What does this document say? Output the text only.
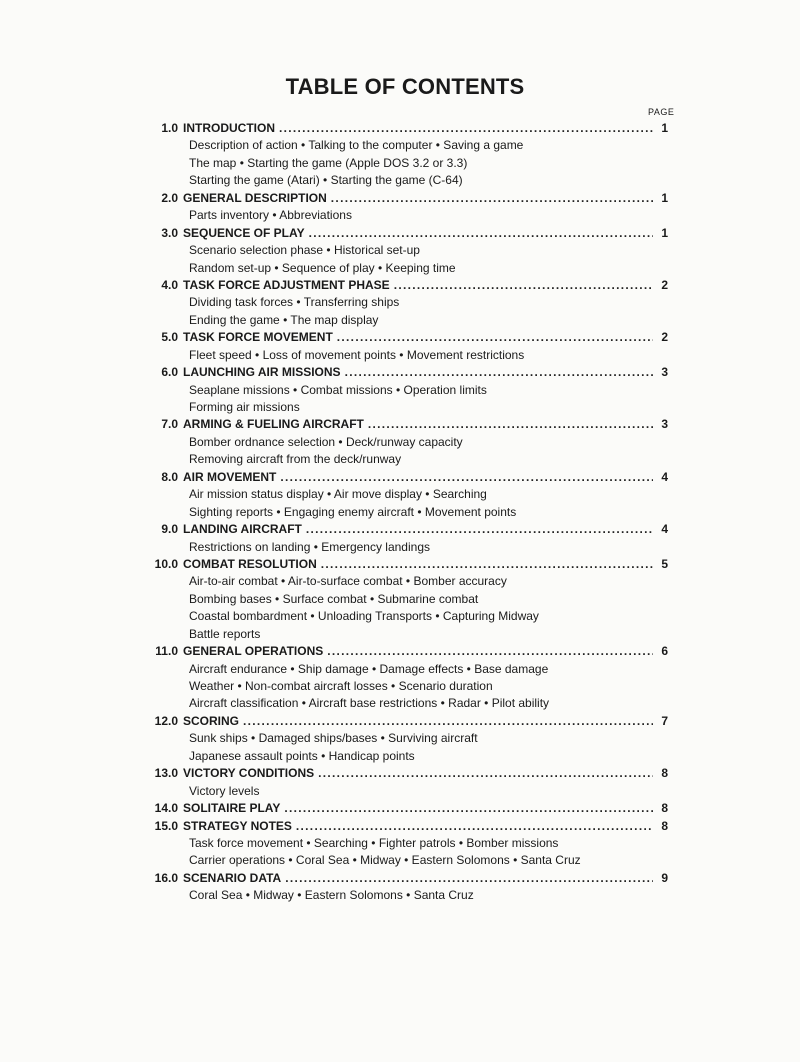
TABLE OF CONTENTS
PAGE
1.0 INTRODUCTION .....	1
Description of action • Talking to the computer • Saving a game
The map • Starting the game (Apple DOS 3.2 or 3.3)
Starting the game (Atari) • Starting the game (C-64)
2.0 GENERAL DESCRIPTION .....	1
Parts inventory • Abbreviations
3.0 SEQUENCE OF PLAY .....	1
Scenario selection phase • Historical set-up
Random set-up • Sequence of play • Keeping time
4.0 TASK FORCE ADJUSTMENT PHASE .....	2
Dividing task forces • Transferring ships
Ending the game • The map display
5.0 TASK FORCE MOVEMENT .....	2
Fleet speed • Loss of movement points • Movement restrictions
6.0 LAUNCHING AIR MISSIONS .....	3
Seaplane missions • Combat missions • Operation limits
Forming air missions
7.0 ARMING & FUELING AIRCRAFT .....	3
Bomber ordnance selection • Deck/runway capacity
Removing aircraft from the deck/runway
8.0 AIR MOVEMENT .....	4
Air mission status display • Air move display • Searching
Sighting reports • Engaging enemy aircraft • Movement points
9.0 LANDING AIRCRAFT .....	4
Restrictions on landing • Emergency landings
10.0 COMBAT RESOLUTION .....	5
Air-to-air combat • Air-to-surface combat • Bomber accuracy
Bombing bases • Surface combat • Submarine combat
Coastal bombardment • Unloading Transports • Capturing Midway
Battle reports
11.0 GENERAL OPERATIONS .....	6
Aircraft endurance • Ship damage • Damage effects • Base damage
Weather • Non-combat aircraft losses • Scenario duration
Aircraft classification • Aircraft base restrictions • Radar • Pilot ability
12.0 SCORING .....	7
Sunk ships • Damaged ships/bases • Surviving aircraft
Japanese assault points • Handicap points
13.0 VICTORY CONDITIONS .....	8
Victory levels
14.0 SOLITAIRE PLAY .....	8
15.0 STRATEGY NOTES .....	8
Task force movement • Searching • Fighter patrols • Bomber missions
Carrier operations • Coral Sea • Midway • Eastern Solomons • Santa Cruz
16.0 SCENARIO DATA .....	9
Coral Sea • Midway • Eastern Solomons • Santa Cruz
